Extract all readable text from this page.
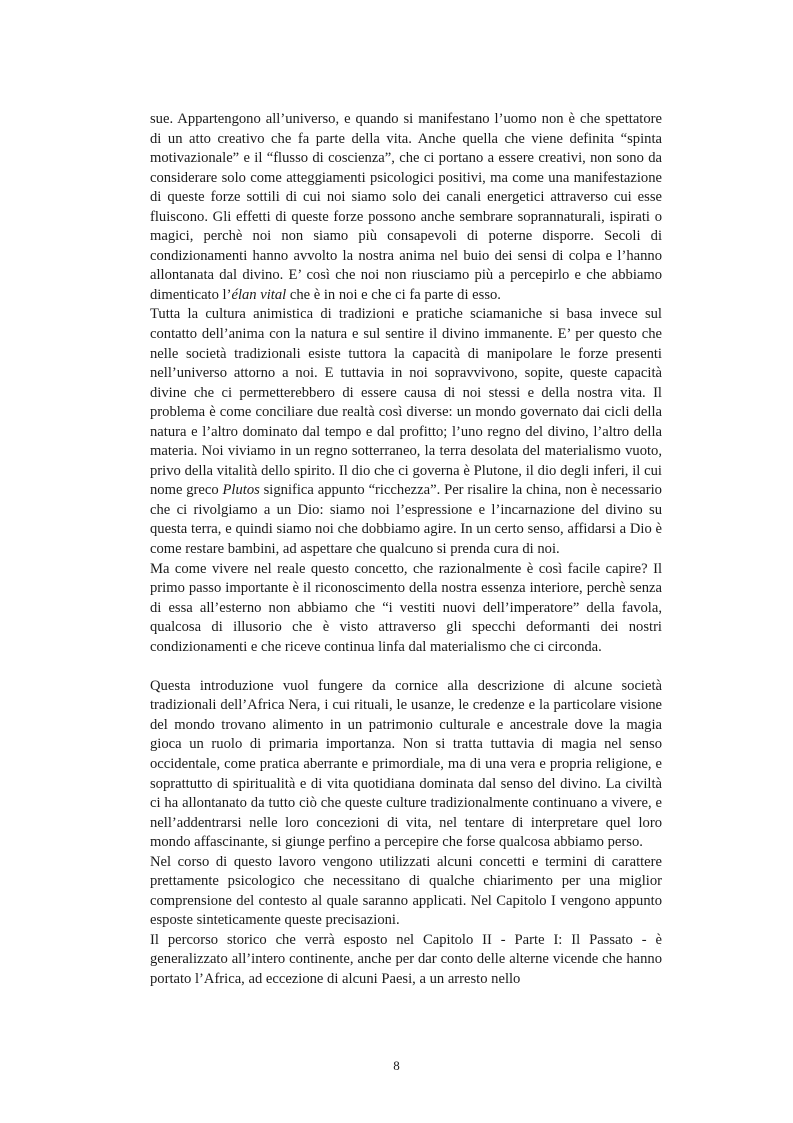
sue. Appartengono all’universo, e quando si manifestano l’uomo non è che spettatore di un atto creativo che fa parte della vita. Anche quella che viene definita “spinta motivazionale” e il “flusso di coscienza”, che ci portano a essere creativi, non sono da considerare solo come atteggiamenti psicologici positivi, ma come una manifestazione di queste forze sottili di cui noi siamo solo dei canali energetici attraverso cui esse fluiscono. Gli effetti di queste forze possono anche sembrare soprannaturali, ispirati o magici, perchè noi non siamo più consapevoli di poterne disporre. Secoli di condizionamenti hanno avvolto la nostra anima nel buio dei sensi di colpa e l’hanno allontanata dal divino. E’ così che noi non riusciamo più a percepirlo e che abbiamo dimenticato l’élan vital che è in noi e che ci fa parte di esso.

Tutta la cultura animistica di tradizioni e pratiche sciamaniche si basa invece sul contatto dell’anima con la natura e sul sentire il divino immanente. E’ per questo che nelle società tradizionali esiste tuttora la capacità di manipolare le forze presenti nell’universo attorno a noi. E tuttavia in noi sopravvivono, sopite, queste capacità divine che ci permetterebbero di essere causa di noi stessi e della nostra vita. Il problema è come conciliare due realtà così diverse: un mondo governato dai cicli della natura e l’altro dominato dal tempo e dal profitto; l’uno regno del divino, l’altro della materia. Noi viviamo in un regno sotterraneo, la terra desolata del materialismo vuoto, privo della vitalità dello spirito. Il dio che ci governa è Plutone, il dio degli inferi, il cui nome greco Plutos significa appunto “ricchezza”. Per risalire la china, non è necessario che ci rivolgiamo a un Dio: siamo noi l’espressione e l’incarnazione del divino su questa terra, e quindi siamo noi che dobbiamo agire. In un certo senso, affidarsi a Dio è come restare bambini, ad aspettare che qualcuno si prenda cura di noi.

Ma come vivere nel reale questo concetto, che razionalmente è così facile capire? Il primo passo importante è il riconoscimento della nostra essenza interiore, perchè senza di essa all’esterno non abbiamo che “i vestiti nuovi dell’imperatore” della favola, qualcosa di illusorio che è visto attraverso gli specchi deformanti dei nostri condizionamenti e che riceve continua linfa dal materialismo che ci circonda.

Questa introduzione vuol fungere da cornice alla descrizione di alcune società tradizionali dell’Africa Nera, i cui rituali, le usanze, le credenze e la particolare visione del mondo trovano alimento in un patrimonio culturale e ancestrale dove la magia gioca un ruolo di primaria importanza. Non si tratta tuttavia di magia nel senso occidentale, come pratica aberrante e primordiale, ma di una vera e propria religione, e soprattutto di spiritualità e di vita quotidiana dominata dal senso del divino. La civiltà ci ha allontanato da tutto ciò che queste culture tradizionalmente continuano a vivere, e nell’addentrarsi nelle loro concezioni di vita, nel tentare di interpretare quel loro mondo affascinante, si giunge perfino a percepire che forse qualcosa abbiamo perso.

Nel corso di questo lavoro vengono utilizzati alcuni concetti e termini di carattere prettamente psicologico che necessitano di qualche chiarimento per una miglior comprensione del contesto al quale saranno applicati. Nel Capitolo I vengono appunto esposte sinteticamente queste precisazioni.

Il percorso storico che verrà esposto nel Capitolo II - Parte I: Il Passato - è generalizzato all’intero continente, anche per dar conto delle alterne vicende che hanno portato l’Africa, ad eccezione di alcuni Paesi, a un arresto nello

8
